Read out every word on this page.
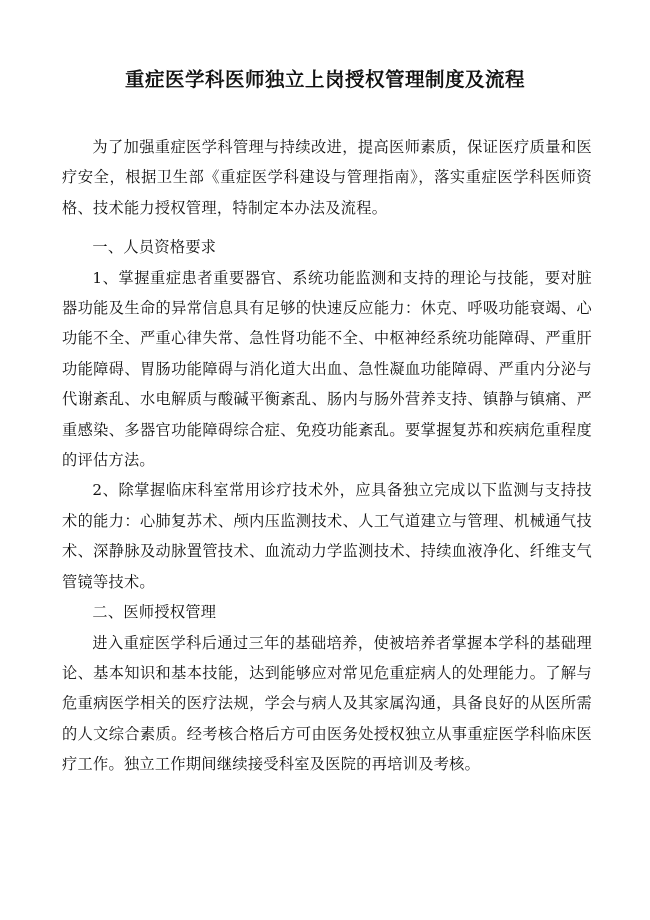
重症医学科医师独立上岗授权管理制度及流程

为了加强重症医学科管理与持续改进，提高医师素质，保证医疗质量和医疗安全，根据卫生部《重症医学科建设与管理指南》，落实重症医学科医师资格、技术能力授权管理，特制定本办法及流程。

一、人员资格要求

1、掌握重症患者重要器官、系统功能监测和支持的理论与技能，要对脏器功能及生命的异常信息具有足够的快速反应能力：休克、呼吸功能衰竭、心功能不全、严重心律失常、急性肾功能不全、中枢神经系统功能障碍、严重肝功能障碍、胃肠功能障碍与消化道大出血、急性凝血功能障碍、严重内分泌与代谢紊乱、水电解质与酸碱平衡紊乱、肠内与肠外营养支持、镇静与镇痛、严重感染、多器官功能障碍综合症、免疫功能紊乱。要掌握复苏和疾病危重程度的评估方法。

2、除掌握临床科室常用诊疗技术外，应具备独立完成以下监测与支持技术的能力：心肺复苏术、颅内压监测技术、人工气道建立与管理、机械通气技术、深静脉及动脉置管技术、血流动力学监测技术、持续血液净化、纤维支气管镜等技术。

二、医师授权管理

进入重症医学科后通过三年的基础培养，使被培养者掌握本学科的基础理论、基本知识和基本技能，达到能够应对常见危重症病人的处理能力。了解与危重病医学相关的医疗法规，学会与病人及其家属沟通，具备良好的从医所需的人文综合素质。经考核合格后方可由医务处授权独立从事重症医学科临床医疗工作。独立工作期间继续接受科室及医院的再培训及考核。
